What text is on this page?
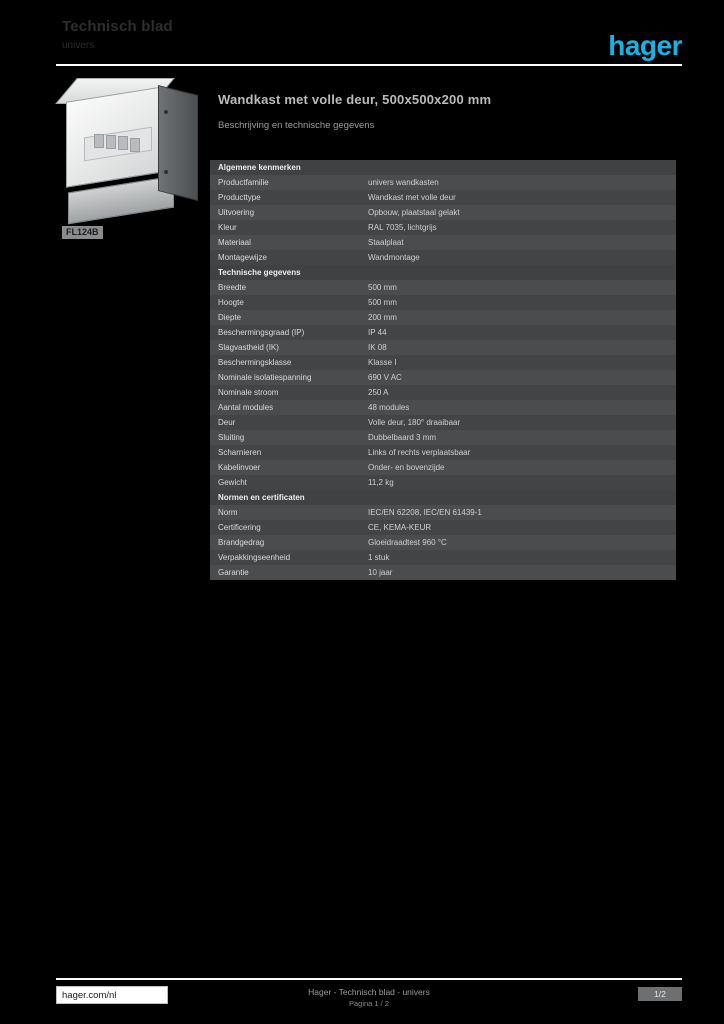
Technisch blad
univers	hager
FL124B
Wandkast met volle deur, 500x500x200 mm
Beschrijving en technische gegevens
Algemene kenmerken
Productfamilie	univers wandkasten
Producttype	Wandkast met volle deur
Uitvoering	Opbouw, plaatstaal gelakt
Kleur	RAL 7035, lichtgrijs
Materiaal	Staalplaat
Montagewijze	Wandmontage
Technische gegevens
Breedte	500 mm
Hoogte	500 mm
Diepte	200 mm
Beschermingsgraad (IP)	IP 44
Slagvastheid (IK)	IK 08
Beschermingsklasse	Klasse I
Nominale isolatiespanning	690 V AC
Nominale stroom	250 A
Aantal modules	48 modules
Deur	Volle deur, 180° draaibaar
Sluiting	Dubbelbaard 3 mm
Scharnieren	Links of rechts verplaatsbaar
Kabelinvoer	Onder- en bovenzijde
Gewicht	11,2 kg
Normen en certificaten
Norm	IEC/EN 62208, IEC/EN 61439-1
Certificering	CE, KEMA-KEUR
Brandgedrag	Gloeidraadtest 960 °C
Verpakkingseenheid	1 stuk
Garantie	10 jaar
hager.com/nl	Hager - Technisch blad - univers
Pagina 1 / 2
1/2
